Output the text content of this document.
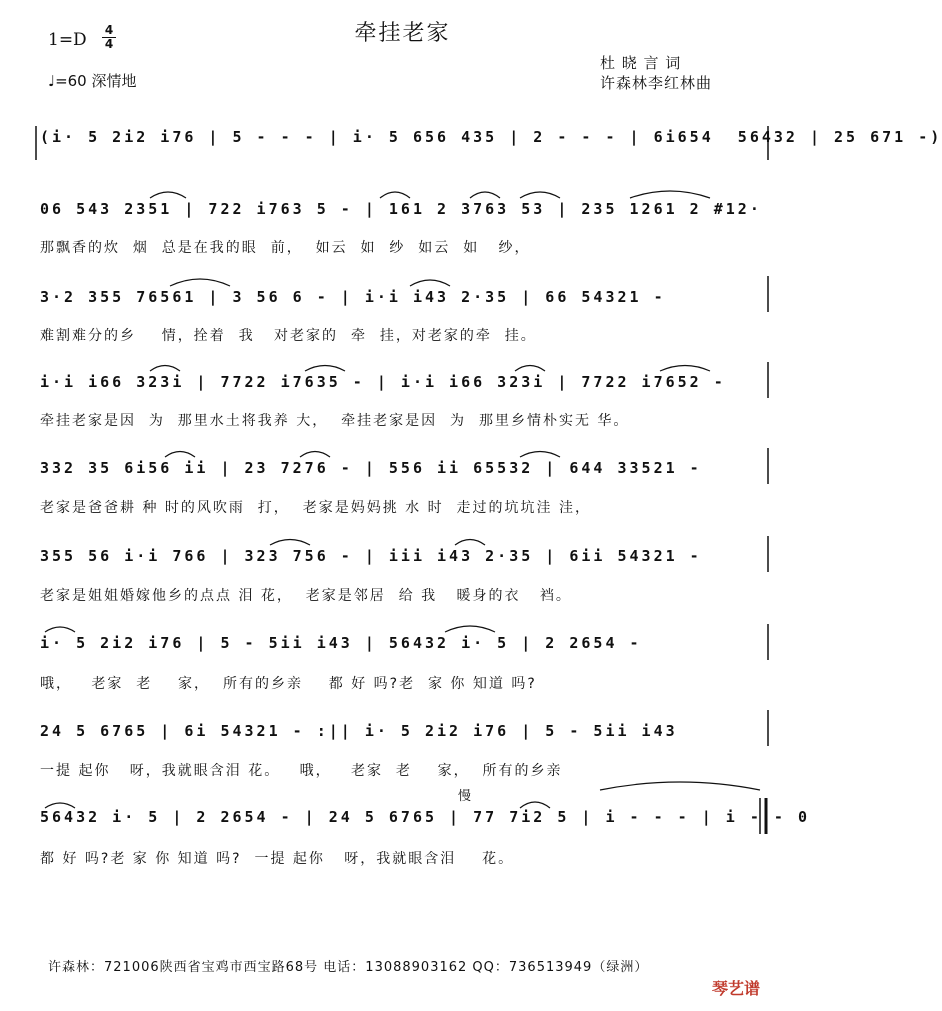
牵挂老家
1=D 4
4
♩=60 深情地
杜 晓 言 词
许森林李红林曲
(i· 5 2i2 i76 | 5 - - - | i· 5 656 435 | 2 - - - | 6i654  56432 | 25 671 -)
06 543 2351 | 722 i763 5 - | 161 2 3763 53 | 235 1261 2 #12·
那飘香的炊  烟  总是在我的眼  前，  如云  如  纱  如云  如   纱，
3·2 355 76561 | 3 56 6 - | i·i i43 2·35 | 66 54321 -
难割难分的乡    情，拴着  我   对老家的  牵  挂，对老家的牵  挂。
i·i i66 323i | 7722 i7635 - | i·i i66 323i | 7722 i7652 -
牵挂老家是因  为  那里水土将我养 大，  牵挂老家是因  为  那里乡情朴实无 华。
332 35 6i56 ii | 23 7276 - | 556 ii 65532 | 644 33521 -
老家是爸爸耕 种 时的风吹雨  打，  老家是妈妈挑 水 时  走过的坑坑洼 洼，
355 56 i·i 766 | 323 756 - | iii i43 2·35 | 6ii 54321 -
老家是姐姐婚嫁他乡的点点 泪 花，  老家是邻居  给 我   暖身的衣   裆。
i· 5 2i2 i76 | 5 - 5ii i43 | 56432 i· 5 | 2 2654 -
哦，   老家  老    家，  所有的乡亲    都 好 吗?老  家 你 知道 吗?
24 5 6765 | 6i 54321 - :|| i· 5 2i2 i76 | 5 - 5ii i43
一提 起你   呀，我就眼含泪 花。   哦，   老家  老    家，  所有的乡亲
慢
56432 i· 5 | 2 2654 - | 24 5 6765 | 77 7i2 5 | i - - - | i - - 0
都 好 吗?老 家 你 知道 吗?  一提 起你   呀，我就眼含泪    花。
许森林：721006陕西省宝鸡市西宝路68号 电话：13088903162 QQ：736513949（绿洲）
琴艺谱
